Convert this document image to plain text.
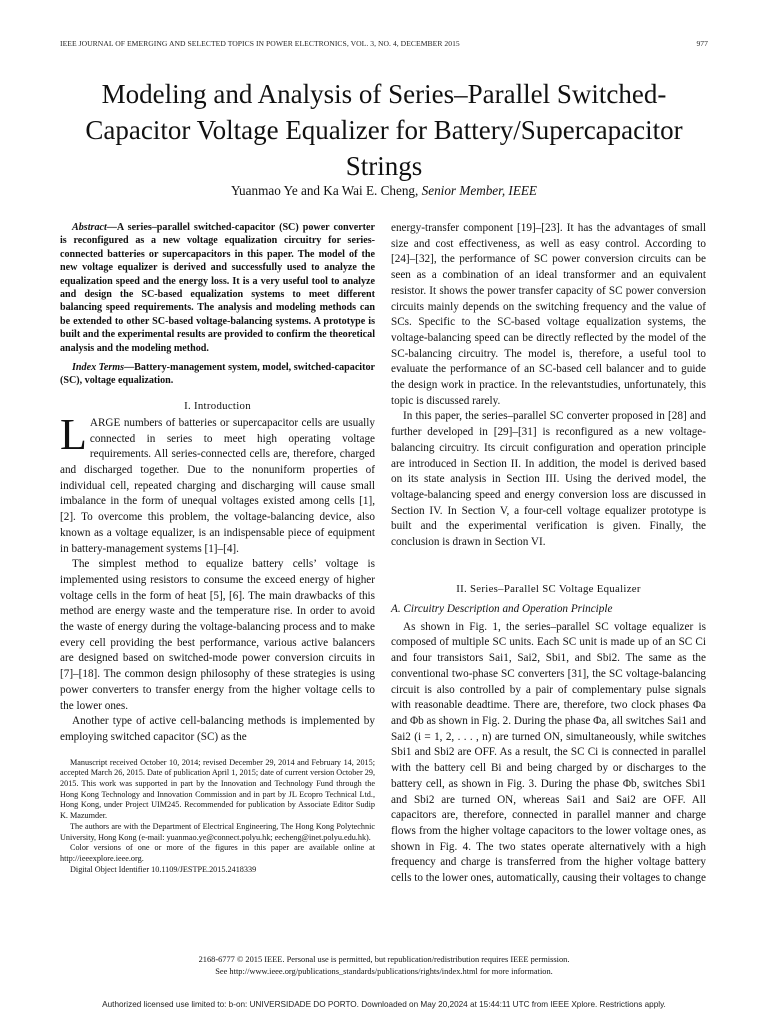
IEEE JOURNAL OF EMERGING AND SELECTED TOPICS IN POWER ELECTRONICS, VOL. 3, NO. 4, DECEMBER 2015	977
Modeling and Analysis of Series–Parallel Switched-Capacitor Voltage Equalizer for Battery/Supercapacitor Strings
Yuanmao Ye and Ka Wai E. Cheng, Senior Member, IEEE

Abstract—A series–parallel switched-capacitor (SC) power converter is reconfigured as a new voltage equalization circuitry for series-connected batteries or supercapacitors in this paper. The model of the new voltage equalizer is derived and successfully used to analyze the equalization speed and the energy loss. It is a very useful tool to analyze and design the SC-based equalization systems to meet different balancing speed requirements. The analysis and modeling methods can be extended to other SC-based voltage-balancing systems. A prototype is built and the experimental results are provided to confirm the theoretical analysis and the modeling method.

Index Terms—Battery-management system, model, switched-capacitor (SC), voltage equalization.

I. Introduction

LARGE numbers of batteries or supercapacitor cells are usually connected in series to meet high operating voltage requirements. All series-connected cells are, therefore, charged and discharged together. Due to the nonuniform properties of individual cell, repeated charging and discharging will cause small imbalance in the form of unequal voltages existed among cells [1], [2]. To overcome this problem, the voltage-balancing device, also known as a voltage equalizer, is an indispensable piece of equipment in battery-management systems [1]–[4].

The simplest method to equalize battery cells’ voltage is implemented using resistors to consume the exceed energy of higher voltage cells in the form of heat [5], [6]. The main drawbacks of this method are energy waste and the temperature rise. In order to avoid the waste of energy during the voltage-balancing process and to make every cell providing the best performance, various active balancers are designed based on switched-mode power conversion circuits in [7]–[18]. The common design philosophy of these strategies is using power converters to transfer energy from the higher voltage cells to the lower ones.

Another type of active cell-balancing methods is implemented by employing switched capacitor (SC) as the

Manuscript received October 10, 2014; revised December 29, 2014 and February 14, 2015; accepted March 26, 2015. Date of publication April 1, 2015; date of current version October 29, 2015. This work was supported in part by the Innovation and Technology Fund through the Hong Kong Technology and Innovation Commission and in part by JL Ecopro Technical Ltd., Hong Kong, under Project UIM245. Recommended for publication by Associate Editor Sudip K. Mazumder.

The authors are with the Department of Electrical Engineering, The Hong Kong Polytechnic University, Hong Kong (e-mail: yuanmao.ye@connect.polyu.hk; eecheng@inet.polyu.edu.hk).

Color versions of one or more of the figures in this paper are available online at http://ieeexplore.ieee.org.

Digital Object Identifier 10.1109/JESTPE.2015.2418339

energy-transfer component [19]–[23]. It has the advantages of small size and cost effectiveness, as well as easy control. According to [24]–[32], the performance of SC power conversion circuits can be seen as a combination of an ideal transformer and an equivalent resistor. It shows the power transfer capacity of SC power conversion circuits mainly depends on the switching frequency and the value of SCs. Specific to the SC-based voltage equalization systems, the voltage-balancing speed can be directly reflected by the model of the SC-balancing circuitry. The model is, therefore, a useful tool to evaluate the performance of an SC-based cell balancer and to guide the design work in practice. In the relevantstudies, unfortunately, this topic is discussed rarely.

In this paper, the series–parallel SC converter proposed in [28] and further developed in [29]–[31] is reconfigured as a new voltage-balancing circuitry. Its circuit configuration and operation principle are introduced in Section II. In addition, the model is derived based on its state analysis in Section III. Using the derived model, the voltage-balancing speed and energy conversion loss are discussed in Section IV. In Section V, a four-cell voltage equalizer prototype is built and the experimental verification is given. Finally, the conclusion is drawn in Section VI.

II. Series–Parallel SC Voltage Equalizer
A. Circuitry Description and Operation Principle

As shown in Fig. 1, the series–parallel SC voltage equalizer is composed of multiple SC units. Each SC unit is made up of an SC Ci and four transistors Sai1, Sai2, Sbi1, and Sbi2. The same as the conventional two-phase SC converters [31], the SC voltage-balancing circuit is also controlled by a pair of complementary pulse signals with reasonable deadtime. There are, therefore, two clock phases Φa and Φb as shown in Fig. 2. During the phase Φa, all switches Sai1 and Sai2 (i = 1, 2, . . . , n) are turned ON, simultaneously, while switches Sbi1 and Sbi2 are OFF. As a result, the SC Ci is connected in parallel with the battery cell Bi and being charged by or discharges to the battery cell, as shown in Fig. 3. During the phase Φb, switches Sbi1 and Sbi2 are turned ON, whereas Sai1 and Sai2 are OFF. All capacitors are, therefore, connected in parallel manner and charge flows from the higher voltage capacitors to the lower voltage ones, as shown in Fig. 4. The two states operate alternatively with a high frequency and charge is transferred from the higher voltage battery cells to the lower ones, automatically, causing their voltages to change

2168-6777 © 2015 IEEE. Personal use is permitted, but republication/redistribution requires IEEE permission.
See http://www.ieee.org/publications_standards/publications/rights/index.html for more information.
Authorized licensed use limited to: b-on: UNIVERSIDADE DO PORTO. Downloaded on May 20,2024 at 15:44:11 UTC from IEEE Xplore. Restrictions apply.
